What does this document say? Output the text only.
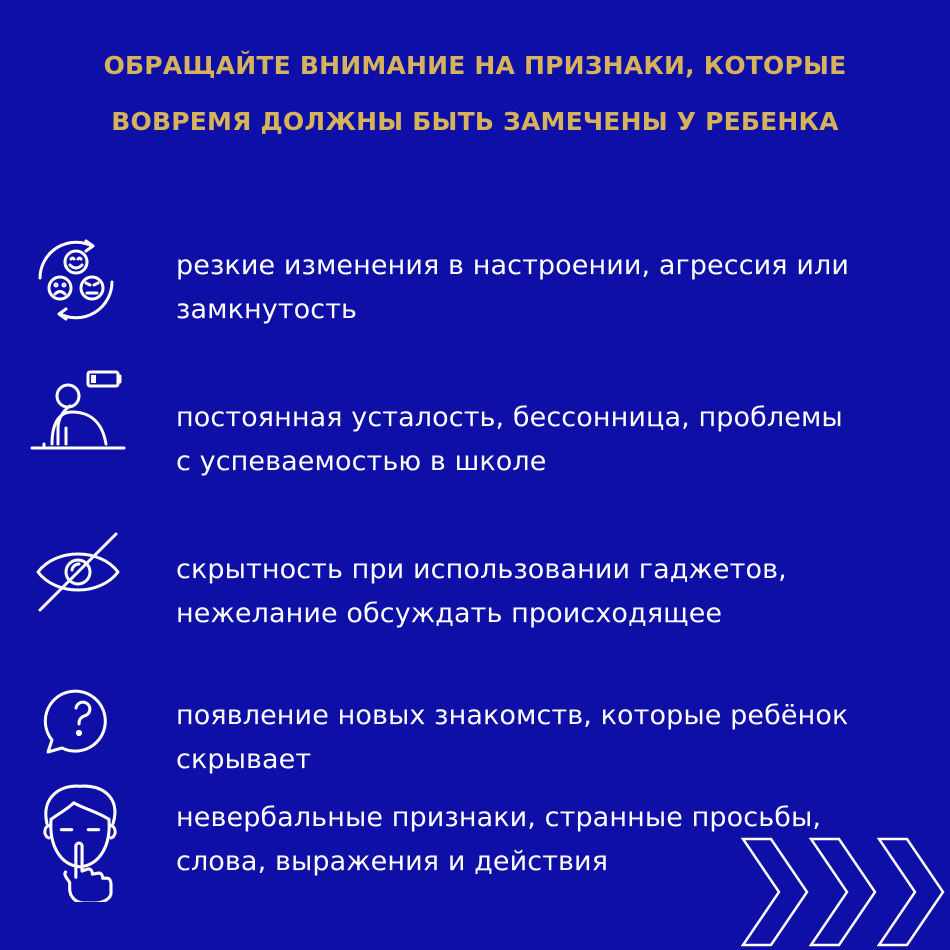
ОБРАЩАЙТЕ ВНИМАНИЕ НА ПРИЗНАКИ, КОТОРЫЕ
ВОВРЕМЯ ДОЛЖНЫ БЫТЬ ЗАМЕЧЕНЫ У РЕБЕНКА
резкие изменения в настроении, агрессия или
замкнутость
постоянная усталость, бессонница, проблемы
с успеваемостью в школе
скрытность при использовании гаджетов,
нежелание обсуждать происходящее
появление новых знакомств, которые ребёнок
скрывает
невербальные признаки, странные просьбы,
слова, выражения и действия
